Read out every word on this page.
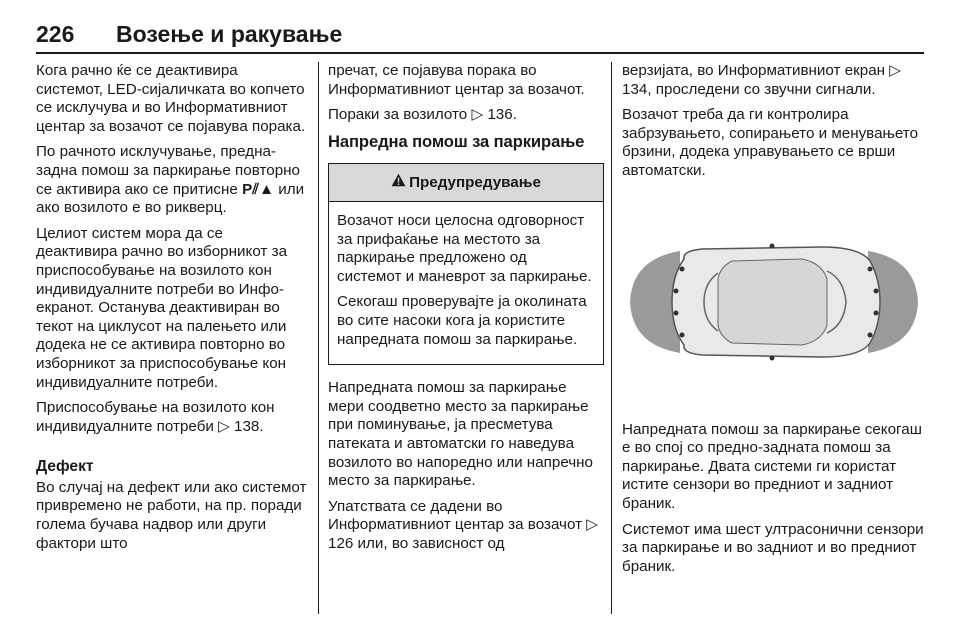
226	Возење и ракување

Кога рачно ќе се деактивира системот, LED-сијаличката во копчето се исклучува и во Информативниот центар за возачот се појавува порака.

По рачното исклучување, предна-задна помош за паркирање повторно се активира ако се притисне P⫽▲ или ако возилото е во рикверц.

Целиот систем мора да се деактивира рачно во изборникот за приспособување на возилото кон индивидуалните потреби во Инфо-екранот. Останува деактивиран во текот на циклусот на палењето или додека не се активира повторно во изборникот за приспособување кон индивидуалните потреби.

Приспособување на возилото кон индивидуалните потреби ▷ 138.

Дефект

Во случај на дефект или ако системот привремено не работи, на пр. поради голема бучава надвор или други фактори што

пречат, се појавува порака во Информативниот центар за возачот.

Пораки за возилото ▷ 136.

Напредна помош за паркирање
Предупредување

Возачот носи целосна одговорност за прифаќање на местото за паркирање предложено од системот и маневрот за паркирање.

Секогаш проверувајте ја околината во сите насоки кога ја користите напредната помош за паркирање.

Напредната помош за паркирање мери соодветно место за паркирање при поминување, ја пресметува патеката и автоматски го наведува возилото во напоредно или напречно место за паркирање.

Упатствата се дадени во Информативниот центар за возачот ▷ 126 или, во зависност од

верзијата, во Информативниот екран ▷ 134, проследени со звучни сигнали.

Возачот треба да ги контролира забрзувањето, сопирањето и менувањето брзини, додека управувањето се врши автоматски.

Напредната помош за паркирање секогаш е во спој со предно-задната помош за паркирање. Двата системи ги користат истите сензори во предниот и задниот браник.

Системот има шест ултрасонични сензори за паркирање и во задниот и во предниот браник.
